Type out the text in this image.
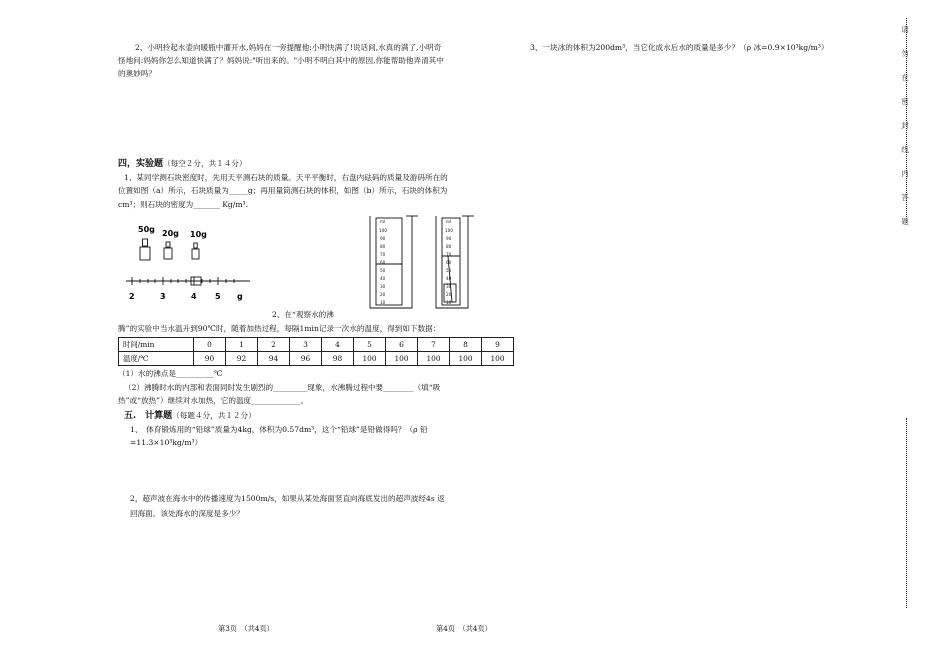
2、小明拎起水壶向暖瓶中灌开水,妈妈在一旁提醒他:小明快满了!说话间,水真的满了,小明奇
怪地问:妈妈你怎么知道快满了？妈妈说:"听出来的。"小明不明白其中的原因,你能帮助他弄清其中
的奥妙吗？
四，实验题（每空２分，共１４分）
1、某同学测石块密度时，先用天平测石块的质量。天平平衡时，右盘内砝码的质量及游码所在的
位置如图（a）所示，石块质量为_____g；再用量筒测石块的体积，如图（b）所示，石块的体积为
cm³；则石块的密度为_______ Kg/m³.
50g 20g 10g
2	3	4 5 g
ml
100
90
80
70
60
50
40
30
20
10
ml
100
90
80
70
60
50
40
30
20
10
2、在“观察水的沸
腾”的实验中当水温升到90℃时，随着加热过程，每隔1min记录一次水的温度，得到如下数据：
时间/min	0	1	2	3	4	5	6	7	8	9
温度/℃	90	92	94	96	98	100	100	100	100	100
（1）水的沸点是__________℃
（2）沸腾时水的内部和表面同时发生剧烈的_________现象，水沸腾过程中要________（填“吸
热”或“放热”）继续对水加热，它的温度_____________。
五.　计算题（每题４分，共１２分）
1、　体育锻炼用的“铅球”质量为4kg，体积为0.57dm³，这个“铅球”是铅做得吗？（ρ 铅
=11.3×10³kg/m³）
2，超声波在海水中的传播速度为1500m/s，如果从某处海面竖直向海底发出的超声波经4s 返
回海面。该处海水的深度是多少？
第3页　（共4页）
3、一块冰的体积为200dm³，当它化成水后水的质量是多少？（ρ 冰=0.9×10³kg/m³）
第4页　（共4页）
请
勿
在
密
封
线
内
答
题
